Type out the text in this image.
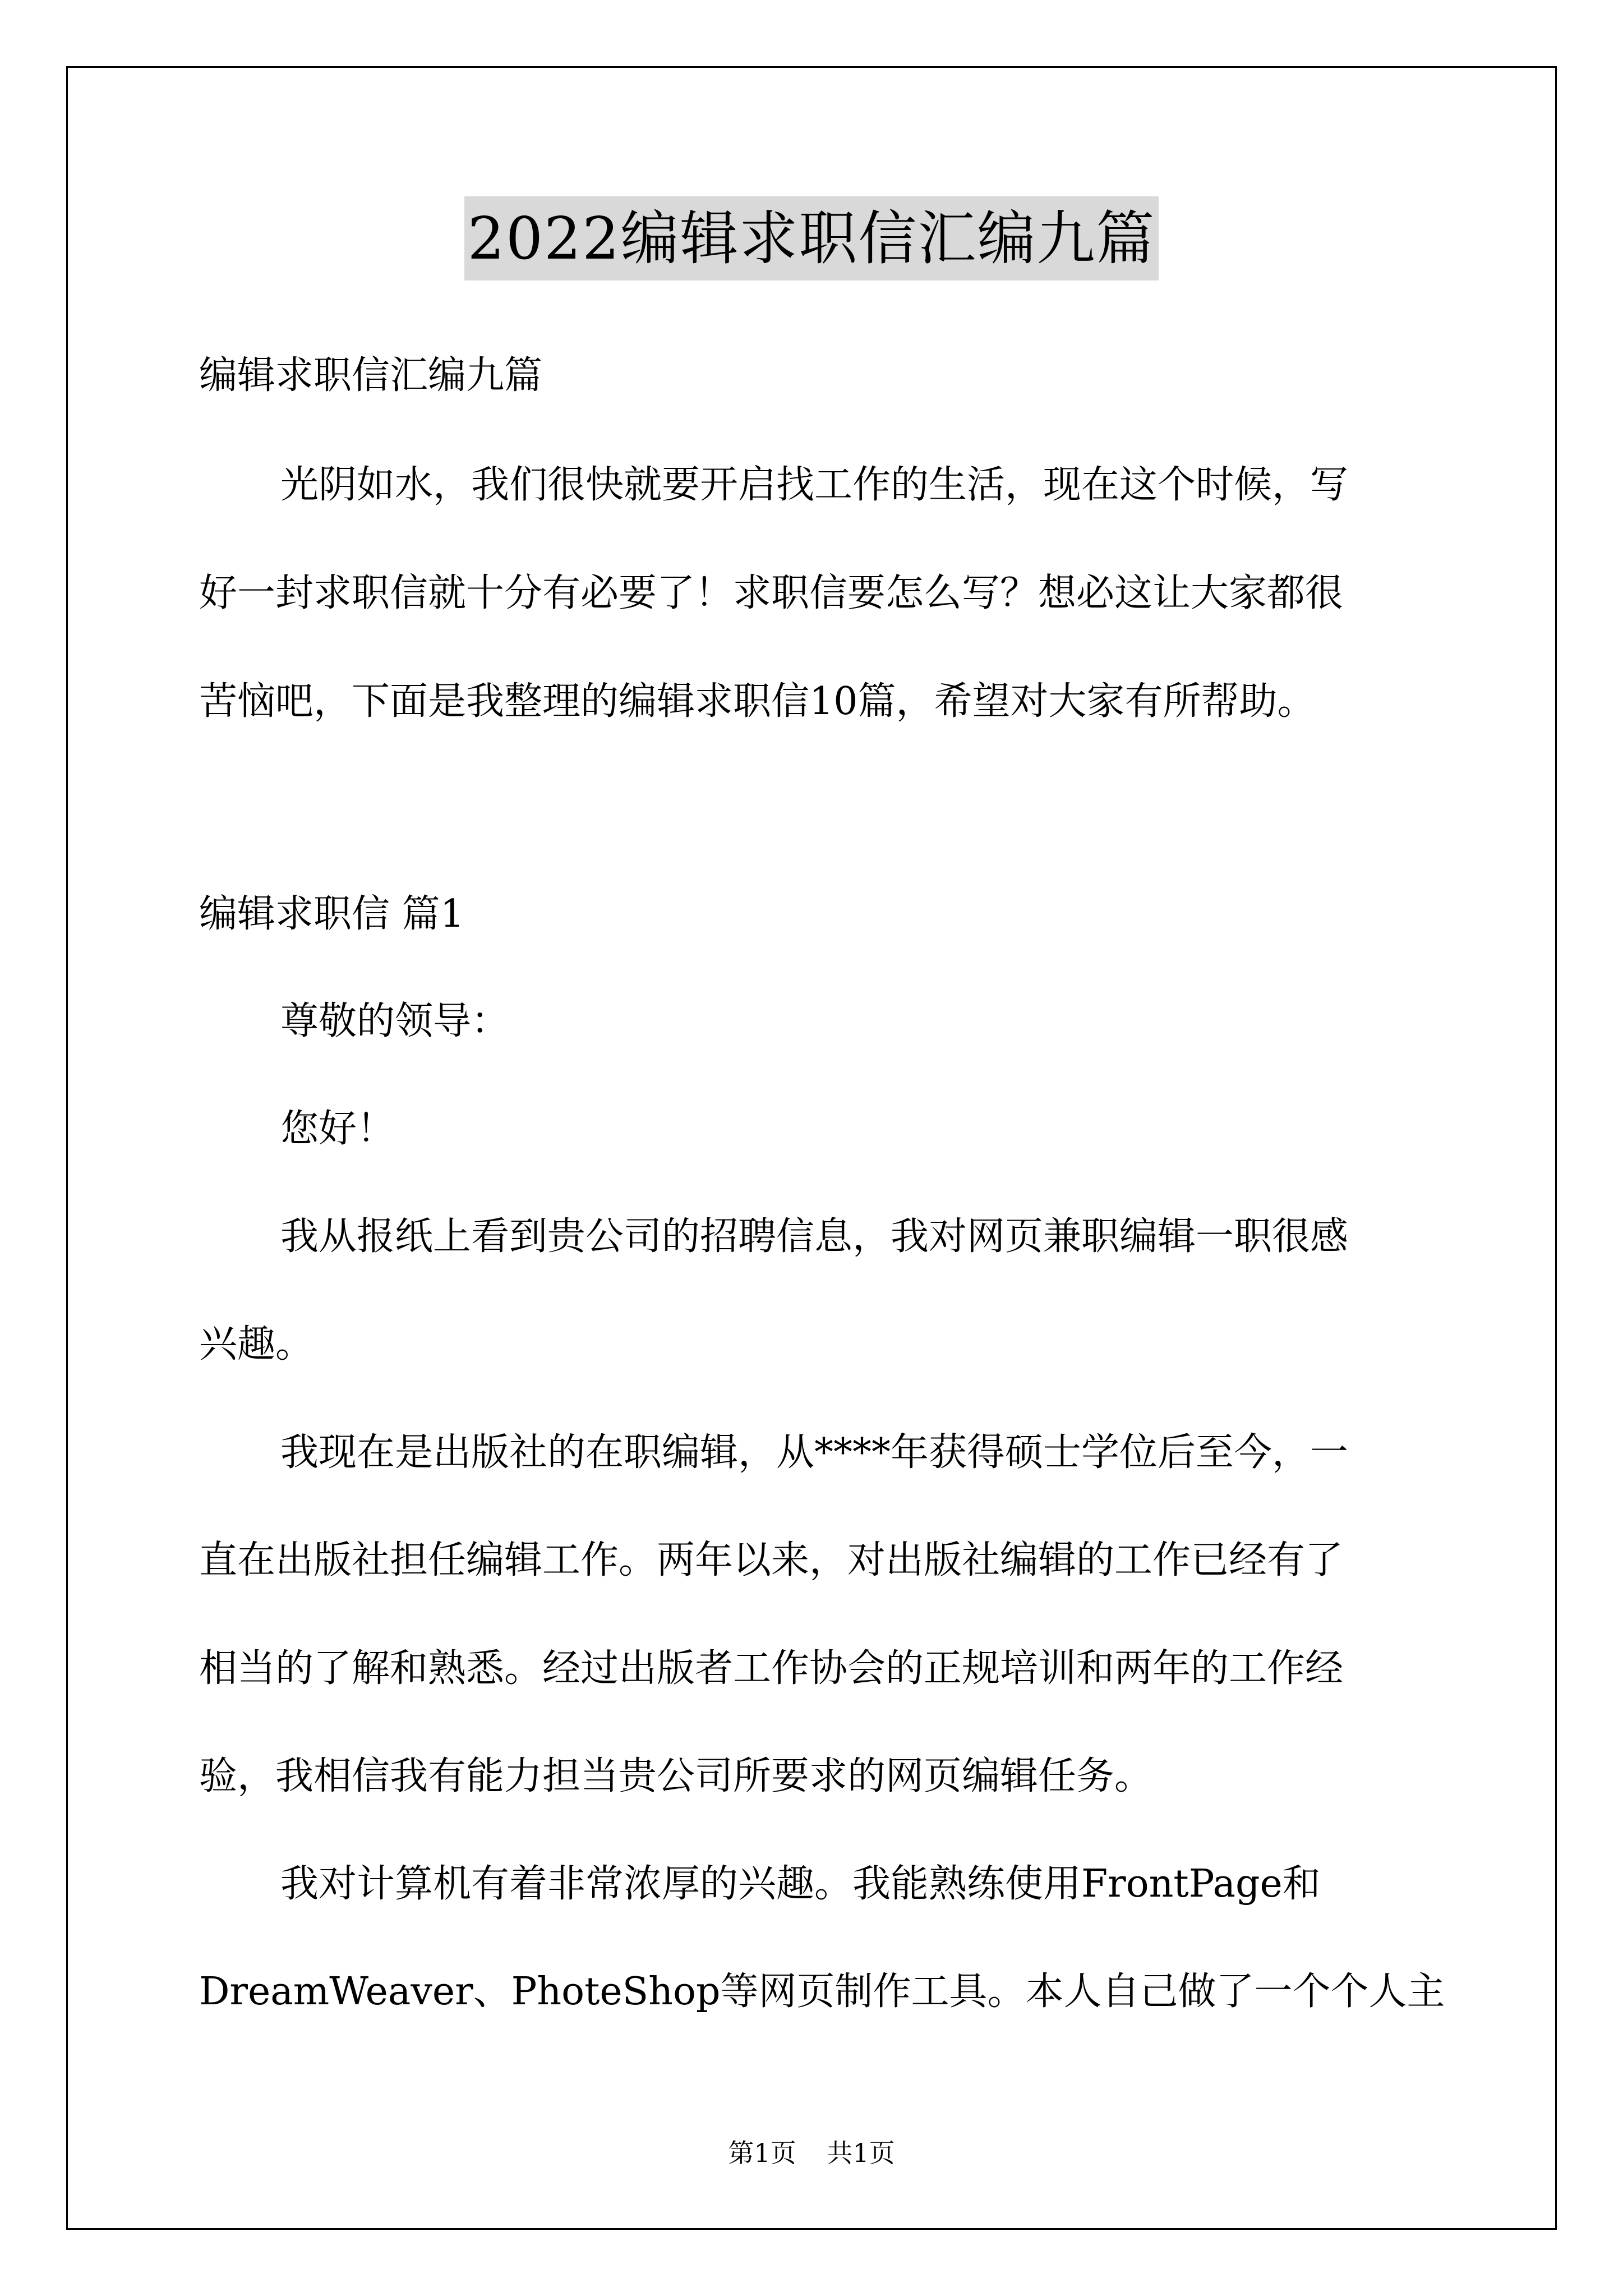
2022编辑求职信汇编九篇
编辑求职信汇编九篇
光阴如水，我们很快就要开启找工作的生活，现在这个时候，写
好一封求职信就十分有必要了！求职信要怎么写？想必这让大家都很
苦恼吧，下面是我整理的编辑求职信10篇，希望对大家有所帮助。
编辑求职信 篇1
尊敬的领导：
您好！
我从报纸上看到贵公司的招聘信息，我对网页兼职编辑一职很感
兴趣。
我现在是出版社的在职编辑，从****年获得硕士学位后至今，一
直在出版社担任编辑工作。两年以来，对出版社编辑的工作已经有了
相当的了解和熟悉。经过出版者工作协会的正规培训和两年的工作经
验，我相信我有能力担当贵公司所要求的网页编辑任务。
我对计算机有着非常浓厚的兴趣。我能熟练使用FrontPage和
DreamWeaver、PhoteShop等网页制作工具。本人自己做了一个个人主
第1页 共1页
